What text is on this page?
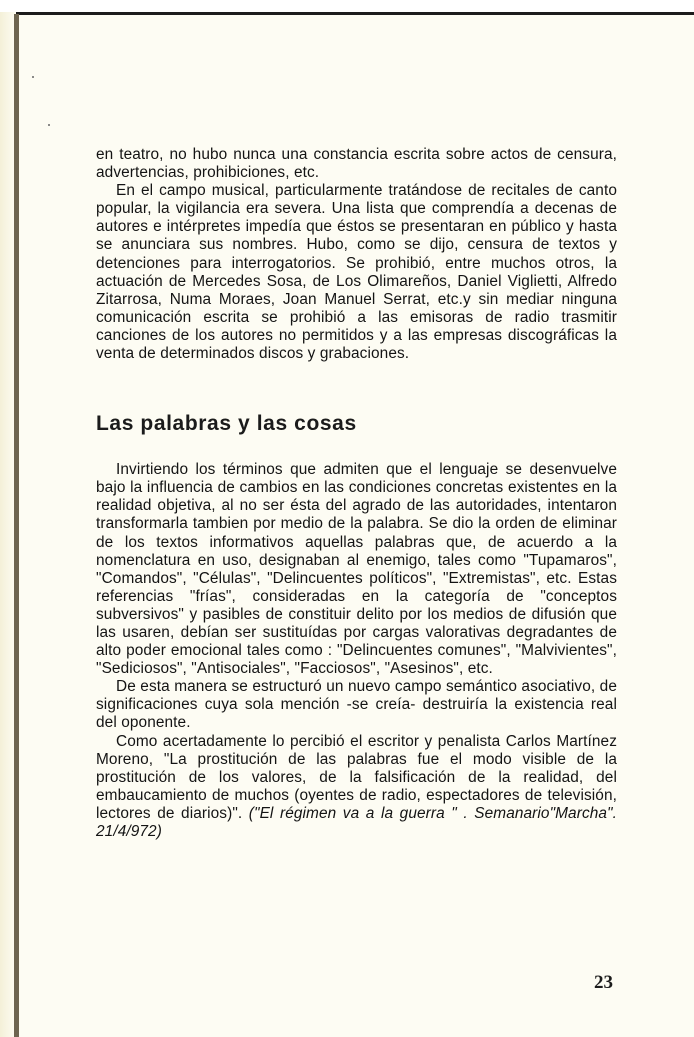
en teatro, no hubo nunca una constancia escrita sobre actos de censura, advertencias, prohibiciones, etc.

En el campo musical, particularmente tratándose de recitales de canto popular, la vigilancia era severa. Una lista que comprendía a decenas de autores e intérpretes impedía que éstos se presentaran en público y hasta se anunciara sus nombres. Hubo, como se dijo, censura de textos y detenciones para interrogatorios. Se prohibió, entre muchos otros, la actuación de Mercedes Sosa, de Los Olimareños, Daniel Viglietti, Alfredo Zitarrosa, Numa Moraes, Joan Manuel Serrat, etc.y sin mediar ninguna comunicación escrita se prohibió a las emisoras de radio trasmitir canciones de los autores no permitidos y a las empresas discográficas la venta de determinados discos y grabaciones.

Las palabras y las cosas

Invirtiendo los términos que admiten que el lenguaje se desenvuelve bajo la influencia de cambios en las condiciones concretas existentes en la realidad objetiva, al no ser ésta del agrado de las autoridades, intentaron transformarla tambien por medio de la palabra. Se dio la orden de eliminar de los textos informativos aquellas palabras que, de acuerdo a la nomenclatura en uso, designaban al enemigo, tales como "Tupamaros", "Comandos", "Células", "Delincuentes políticos", "Extremistas", etc. Estas referencias "frías", consideradas en la categoría de "conceptos subversivos" y pasibles de constituir delito por los medios de difusión que las usaren, debían ser sustituídas por cargas valorativas degradantes de alto poder emocional tales como : "Delincuentes comunes", "Malvivientes", "Sediciosos", "Antisociales", "Facciosos", "Asesinos", etc.

De esta manera se estructuró un nuevo campo semántico asociativo, de significaciones cuya sola mención -se creía- destruiría la existencia real del oponente.

Como acertadamente lo percibió el escritor y penalista Carlos Martínez Moreno, "La prostitución de las palabras fue el modo visible de la prostitución de los valores, de la falsificación de la realidad, del embaucamiento de muchos (oyentes de radio, espectadores de televisión, lectores de diarios)". ("El régimen va a la guerra " . Semanario"Marcha". 21/4/972)

23
